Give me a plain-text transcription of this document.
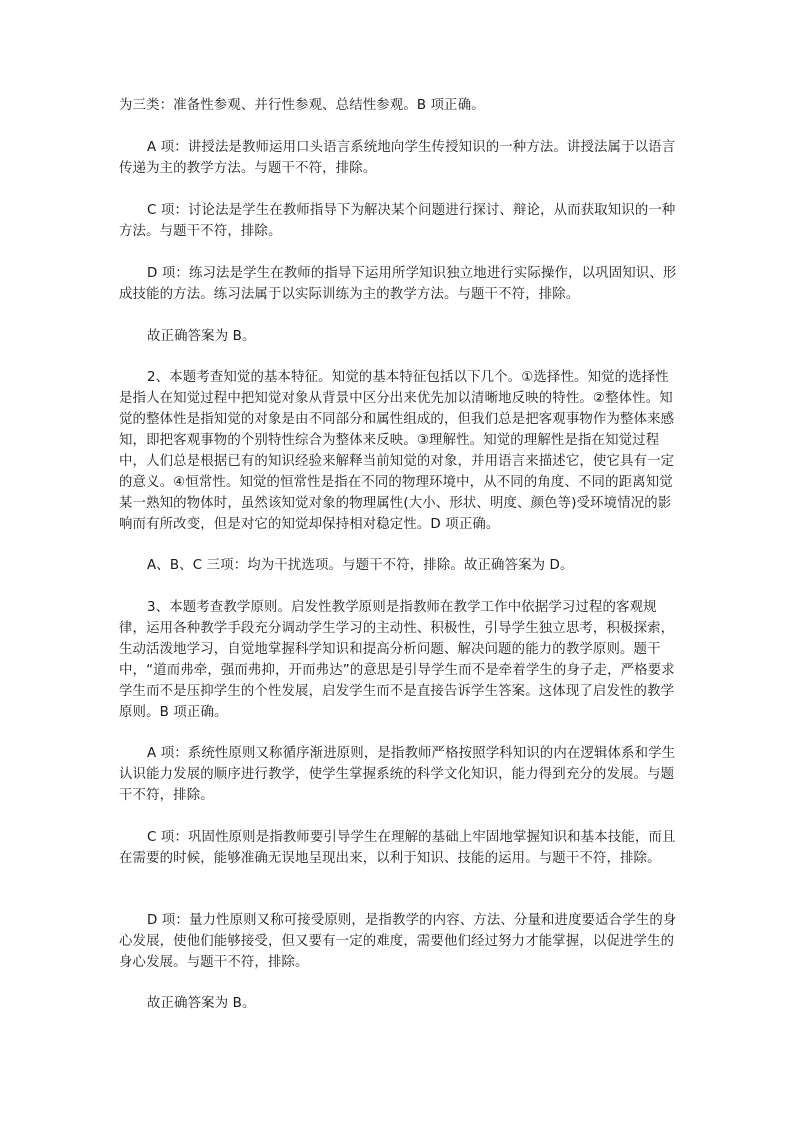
为三类：准备性参观、并行性参观、总结性参观。B 项正确。

A 项：讲授法是教师运用口头语言系统地向学生传授知识的一种方法。讲授法属于以语言传递为主的教学方法。与题干不符，排除。

C 项：讨论法是学生在教师指导下为解决某个问题进行探讨、辩论，从而获取知识的一种方法。与题干不符，排除。

D 项：练习法是学生在教师的指导下运用所学知识独立地进行实际操作，以巩固知识、形成技能的方法。练习法属于以实际训练为主的教学方法。与题干不符，排除。

故正确答案为 B。

2、本题考查知觉的基本特征。知觉的基本特征包括以下几个。①选择性。知觉的选择性是指人在知觉过程中把知觉对象从背景中区分出来优先加以清晰地反映的特性。②整体性。知觉的整体性是指知觉的对象是由不同部分和属性组成的，但我们总是把客观事物作为整体来感知，即把客观事物的个别特性综合为整体来反映。③理解性。知觉的理解性是指在知觉过程中，人们总是根据已有的知识经验来解释当前知觉的对象，并用语言来描述它，使它具有一定的意义。④恒常性。知觉的恒常性是指在不同的物理环境中，从不同的角度、不同的距离知觉某一熟知的物体时，虽然该知觉对象的物理属性(大小、形状、明度、颜色等)受环境情况的影响而有所改变，但是对它的知觉却保持相对稳定性。D 项正确。

A、B、C 三项：均为干扰选项。与题干不符，排除。故正确答案为 D。

3、本题考查教学原则。启发性教学原则是指教师在教学工作中依据学习过程的客观规律，运用各种教学手段充分调动学生学习的主动性、积极性，引导学生独立思考，积极探索，生动活泼地学习，自觉地掌握科学知识和提高分析问题、解决问题的能力的教学原则。题干中，“道而弗牵，强而弗抑，开而弗达”的意思是引导学生而不是牵着学生的身子走，严格要求学生而不是压抑学生的个性发展，启发学生而不是直接告诉学生答案。这体现了启发性的教学原则。B 项正确。

A 项：系统性原则又称循序渐进原则，是指教师严格按照学科知识的内在逻辑体系和学生认识能力发展的顺序进行教学，使学生掌握系统的科学文化知识，能力得到充分的发展。与题干不符，排除。

C 项：巩固性原则是指教师要引导学生在理解的基础上牢固地掌握知识和基本技能，而且在需要的时候，能够准确无误地呈现出来，以利于知识、技能的运用。与题干不符，排除。

D 项：量力性原则又称可接受原则，是指教学的内容、方法、分量和进度要适合学生的身心发展，使他们能够接受，但又要有一定的难度，需要他们经过努力才能掌握，以促进学生的身心发展。与题干不符，排除。

故正确答案为 B。
